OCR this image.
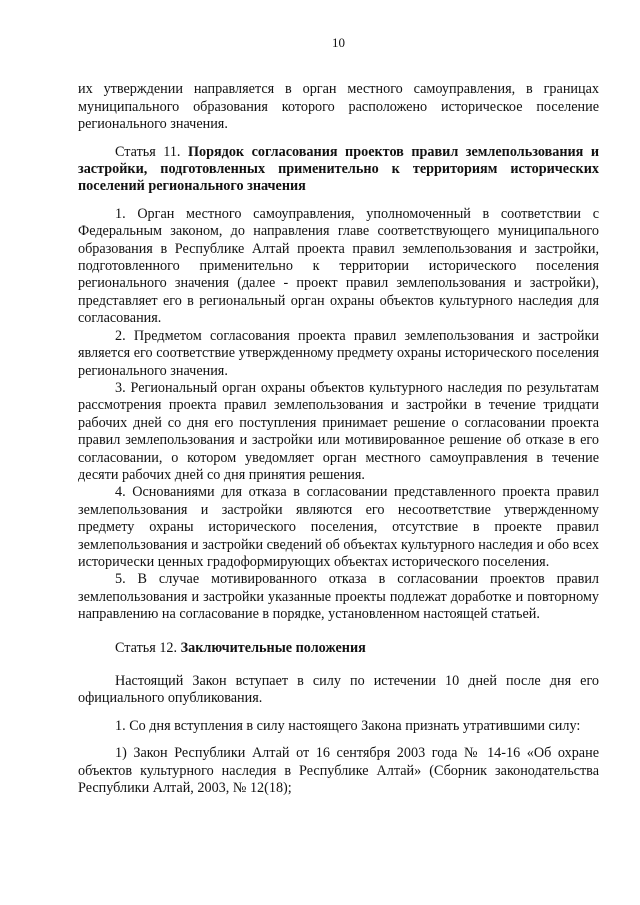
10

их утверждении направляется в орган местного самоуправления, в границах муниципального образования которого расположено историческое поселение регионального значения.

Статья 11. Порядок согласования проектов правил землепользования и застройки, подготовленных применительно к территориям исторических поселений регионального значения

1. Орган местного самоуправления, уполномоченный в соответствии с Федеральным законом, до направления главе соответствующего муниципального образования в Республике Алтай проекта правил землепользования и застройки, подготовленного применительно к территории исторического поселения регионального значения (далее - проект правил землепользования и застройки), представляет его в региональный орган охраны объектов культурного наследия для согласования.

2. Предметом согласования проекта правил землепользования и застройки является его соответствие утвержденному предмету охраны исторического поселения регионального значения.

3. Региональный орган охраны объектов культурного наследия по результатам рассмотрения проекта правил землепользования и застройки в течение тридцати рабочих дней со дня его поступления принимает решение о согласовании проекта правил землепользования и застройки или мотивированное решение об отказе в его согласовании, о котором уведомляет орган местного самоуправления в течение десяти рабочих дней со дня принятия решения.

4. Основаниями для отказа в согласовании представленного проекта правил землепользования и застройки являются его несоответствие утвержденному предмету охраны исторического поселения, отсутствие в проекте правил землепользования и застройки сведений об объектах культурного наследия и обо всех исторически ценных градоформирующих объектах исторического поселения.

5. В случае мотивированного отказа в согласовании проектов правил землепользования и застройки указанные проекты подлежат доработке и повторному направлению на согласование в порядке, установленном настоящей статьей.

Статья 12. Заключительные положения

Настоящий Закон вступает в силу по истечении 10 дней после дня его официального опубликования.

1. Со дня вступления в силу настоящего Закона признать утратившими силу:

1) Закон Республики Алтай от 16 сентября 2003 года № 14-16 «Об охране объектов культурного наследия в Республике Алтай» (Сборник законодательства Республики Алтай, 2003, № 12(18);
